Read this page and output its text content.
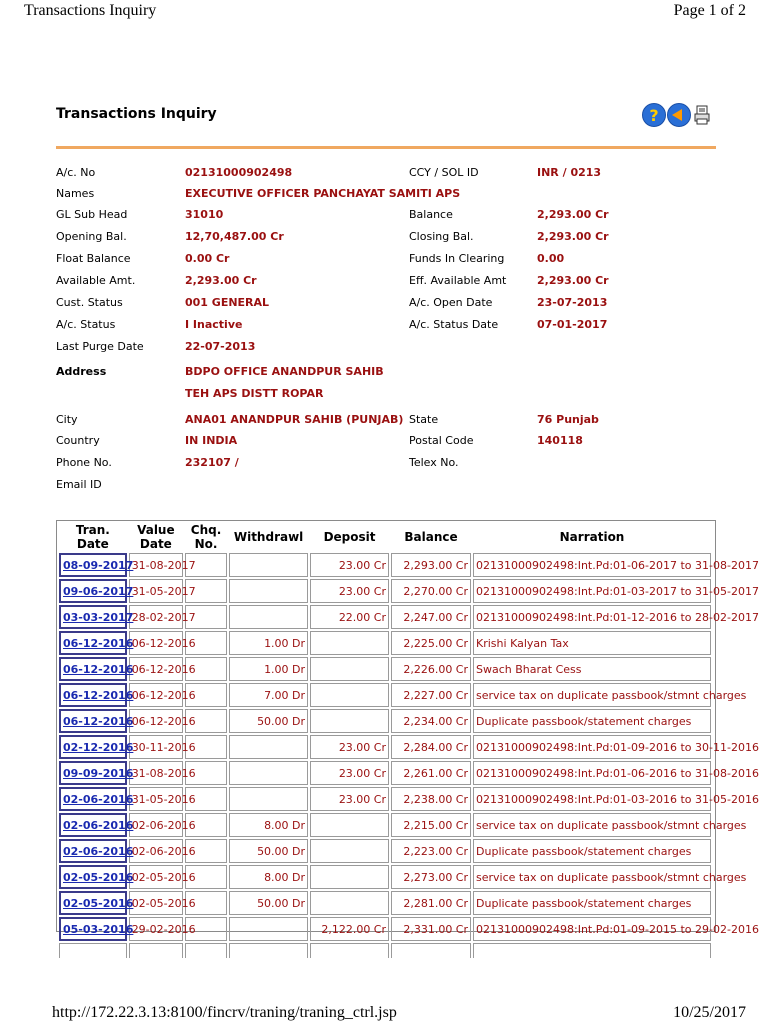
Transactions Inquiry	Page 1 of 2
Transactions Inquiry	?
A/c. No	02131000902498	CCY / SOL ID	INR / 0213
Names	EXECUTIVE OFFICER PANCHAYAT SAMITI APS
GL Sub Head	31010	Balance	2,293.00 Cr
Opening Bal.	12,70,487.00 Cr	Closing Bal.	2,293.00 Cr
Float Balance	0.00 Cr	Funds In Clearing	0.00
Available Amt.	2,293.00 Cr	Eff. Available Amt	2,293.00 Cr
Cust. Status	001 GENERAL	A/c. Open Date	23-07-2013
A/c. Status	I Inactive	A/c. Status Date	07-01-2017
Last Purge Date	22-07-2013
Address	BDPO OFFICE ANANDPUR SAHIB
TEH APS DISTT ROPAR
City	ANA01 ANANDPUR SAHIB (PUNJAB) State	76 Punjab
Country	IN INDIA	Postal Code	140118
Phone No.	232107 /	Telex No.
Email ID
Tran. Date	Value Date	Chq. No.	Withdrawl	Deposit	Balance	Narration
08-09-2017	31-08-2017			23.00 Cr	2,293.00 Cr	02131000902498:Int.Pd:01-06-2017 to 31-08-2017
09-06-2017	31-05-2017			23.00 Cr	2,270.00 Cr	02131000902498:Int.Pd:01-03-2017 to 31-05-2017
03-03-2017	28-02-2017			22.00 Cr	2,247.00 Cr	02131000902498:Int.Pd:01-12-2016 to 28-02-2017
06-12-2016	06-12-2016		1.00 Dr		2,225.00 Cr	Krishi Kalyan Tax
06-12-2016	06-12-2016		1.00 Dr		2,226.00 Cr	Swach Bharat Cess
06-12-2016	06-12-2016		7.00 Dr		2,227.00 Cr	service tax on duplicate passbook/stmnt charges
06-12-2016	06-12-2016		50.00 Dr		2,234.00 Cr	Duplicate passbook/statement charges
02-12-2016	30-11-2016			23.00 Cr	2,284.00 Cr	02131000902498:Int.Pd:01-09-2016 to 30-11-2016
09-09-2016	31-08-2016			23.00 Cr	2,261.00 Cr	02131000902498:Int.Pd:01-06-2016 to 31-08-2016
02-06-2016	31-05-2016			23.00 Cr	2,238.00 Cr	02131000902498:Int.Pd:01-03-2016 to 31-05-2016
02-06-2016	02-06-2016		8.00 Dr		2,215.00 Cr	service tax on duplicate passbook/stmnt charges
02-06-2016	02-06-2016		50.00 Dr		2,223.00 Cr	Duplicate passbook/statement charges
02-05-2016	02-05-2016		8.00 Dr		2,273.00 Cr	service tax on duplicate passbook/stmnt charges
02-05-2016	02-05-2016		50.00 Dr		2,281.00 Cr	Duplicate passbook/statement charges
05-03-2016	29-02-2016			2,122.00 Cr	2,331.00 Cr	02131000902498:Int.Pd:01-09-2015 to 29-02-2016

http://172.22.3.13:8100/fincrv/traning/traning_ctrl.jsp	10/25/2017
